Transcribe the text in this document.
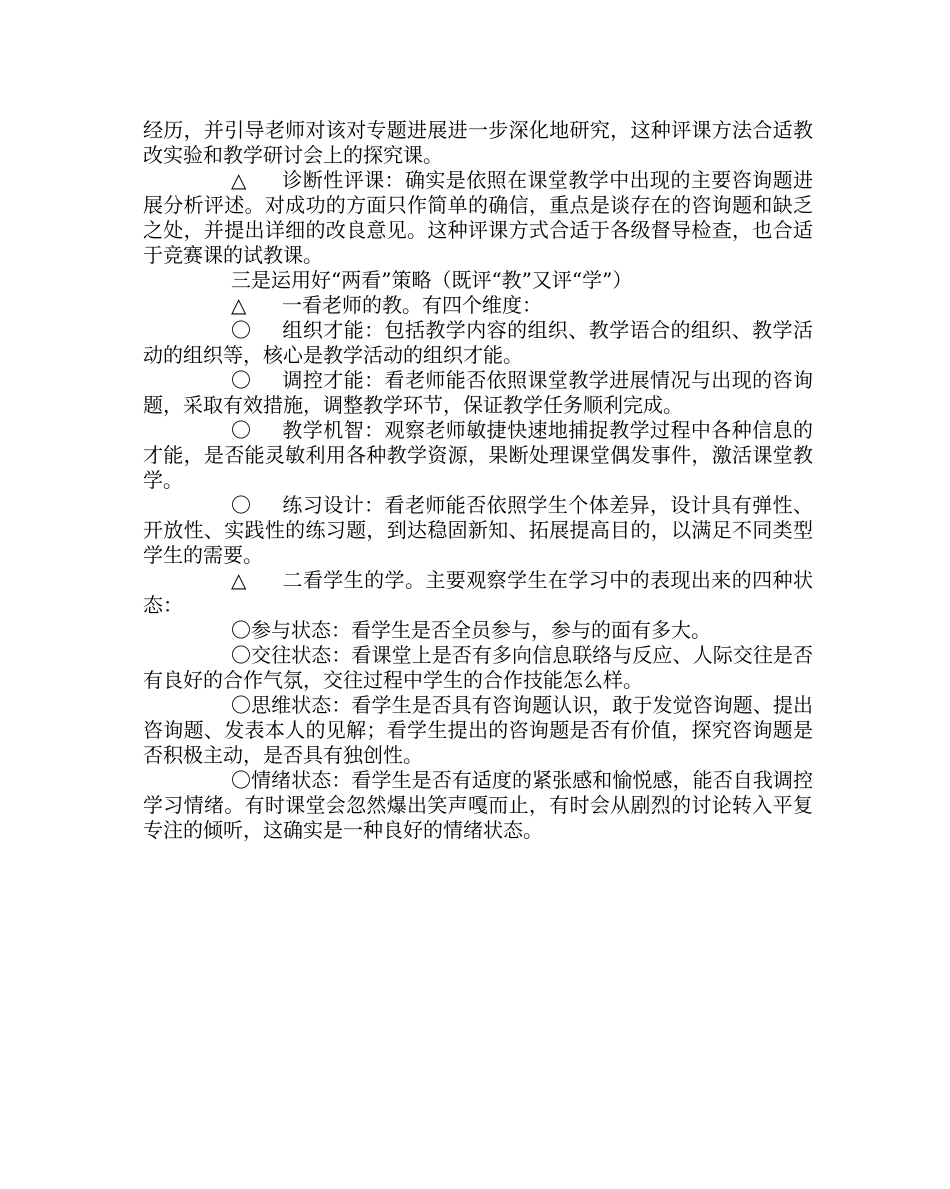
经历，并引导老师对该对专题进展进一步深化地研究，这种评课方法合适教改实验和教学研讨会上的探究课。

△ 诊断性评课：确实是依照在课堂教学中出现的主要咨询题进展分析评述。对成功的方面只作简单的确信，重点是谈存在的咨询题和缺乏之处，并提出详细的改良意见。这种评课方式合适于各级督导检查，也合适于竞赛课的试教课。

三是运用好“两看”策略（既评“教”又评“学”）

△ 一看老师的教。有四个维度：

〇 组织才能：包括教学内容的组织、教学语合的组织、教学活动的组织等，核心是教学活动的组织才能。

〇 调控才能：看老师能否依照课堂教学进展情况与出现的咨询题，采取有效措施，调整教学环节，保证教学任务顺利完成。

〇 教学机智：观察老师敏捷快速地捕捉教学过程中各种信息的才能，是否能灵敏利用各种教学资源，果断处理课堂偶发事件，激活课堂教学。

〇 练习设计：看老师能否依照学生个体差异，设计具有弹性、开放性、实践性的练习题，到达稳固新知、拓展提高目的，以满足不同类型学生的需要。

△ 二看学生的学。主要观察学生在学习中的表现出来的四种状态：

〇参与状态：看学生是否全员参与，参与的面有多大。

〇交往状态：看课堂上是否有多向信息联络与反应、人际交往是否有良好的合作气氛，交往过程中学生的合作技能怎么样。

〇思维状态：看学生是否具有咨询题认识，敢于发觉咨询题、提出咨询题、发表本人的见解；看学生提出的咨询题是否有价值，探究咨询题是否积极主动，是否具有独创性。

〇情绪状态：看学生是否有适度的紧张感和愉悦感，能否自我调控学习情绪。有时课堂会忽然爆出笑声嘎而止，有时会从剧烈的讨论转入平复专注的倾听，这确实是一种良好的情绪状态。
